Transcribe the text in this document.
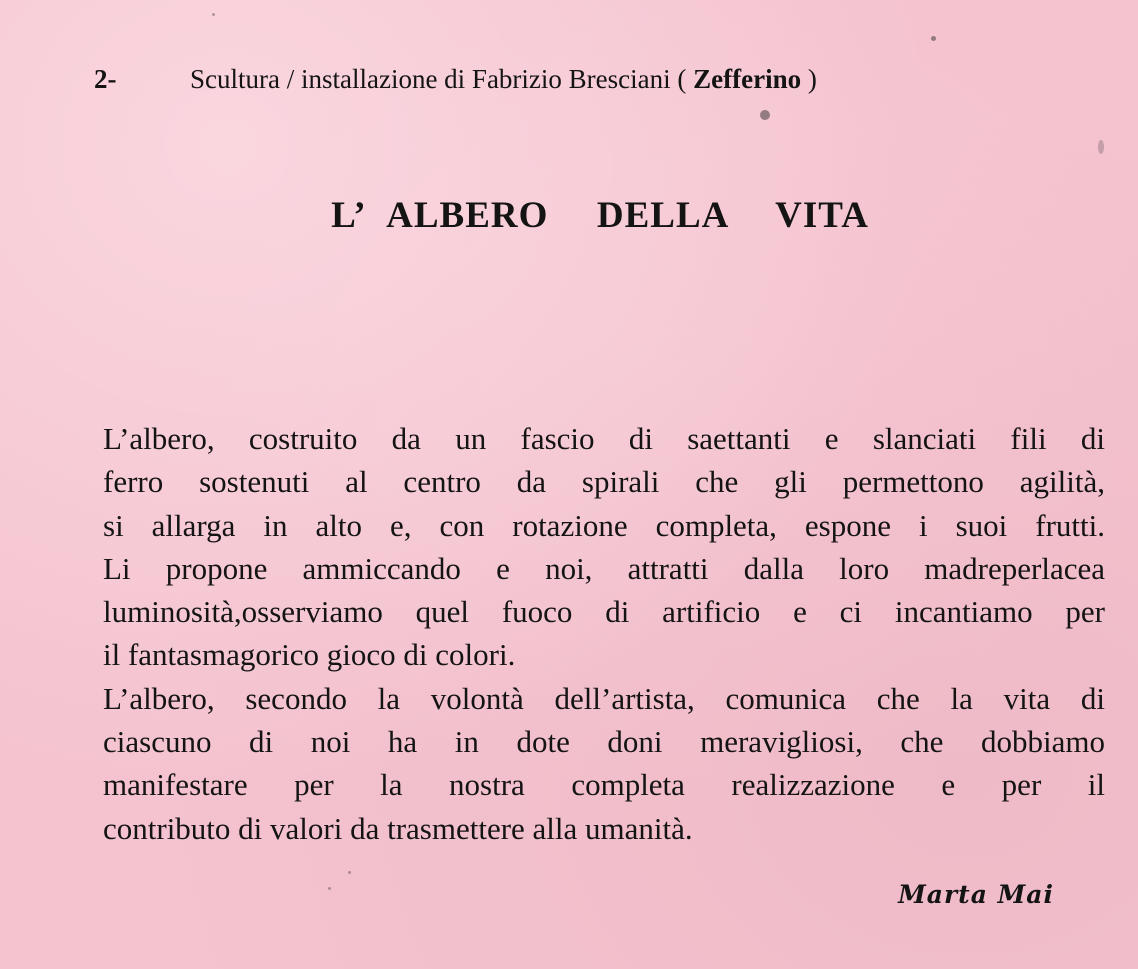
2-	Scultura / installazione di Fabrizio Bresciani ( Zefferino )
L’ ALBERO  DELLA  VITA
L’albero, costruito da un fascio di saettanti e slanciati fili di
ferro sostenuti al centro da spirali che gli permettono agilità,
si allarga in alto e, con rotazione completa, espone i suoi frutti.
Li propone ammiccando e noi, attratti dalla loro madreperlacea
luminosità,osserviamo quel fuoco di artificio e ci incantiamo per
il fantasmagorico gioco di colori.
L’albero, secondo la volontà dell’artista, comunica che la vita di
ciascuno di noi ha in dote doni meravigliosi, che dobbiamo
manifestare per la nostra completa realizzazione e per il
contributo di valori da trasmettere alla umanità.
Marta Mai
